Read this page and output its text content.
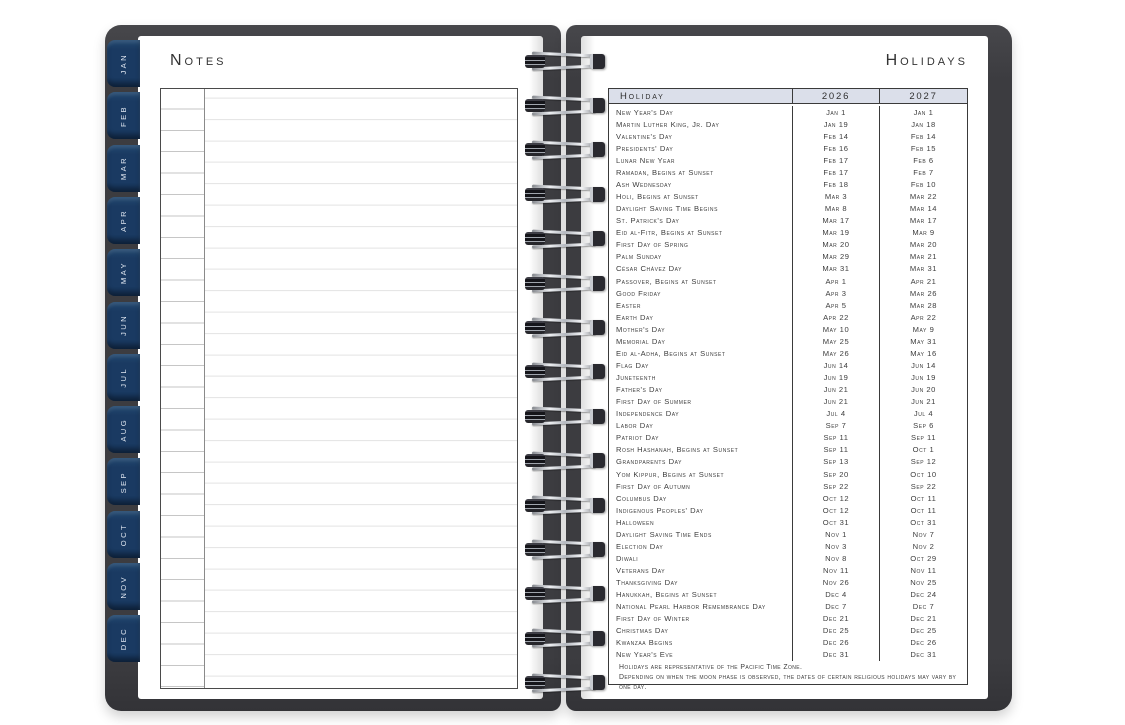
Notes	Holidays
Holiday	2026	2027
New Year's Day	Jan 1	Jan 1
Martin Luther King, Jr. Day	Jan 19	Jan 18
Valentine's Day	Feb 14	Feb 14
Presidents' Day	Feb 16	Feb 15
Lunar New Year	Feb 17	Feb 6
Ramadan, Begins at Sunset	Feb 17	Feb 7
Ash Wednesday	Feb 18	Feb 10
Holi, Begins at Sunset	Mar 3	Mar 22
Daylight Saving Time Begins	Mar 8	Mar 14
St. Patrick's Day	Mar 17	Mar 17
Eid al-Fitr, Begins at Sunset	Mar 19	Mar 9
First Day of Spring	Mar 20	Mar 20
Palm Sunday	Mar 29	Mar 21
César Chávez Day	Mar 31	Mar 31
Passover, Begins at Sunset	Apr 1	Apr 21
Good Friday	Apr 3	Mar 26
Easter	Apr 5	Mar 28
Earth Day	Apr 22	Apr 22
Mother's Day	May 10	May 9
Memorial Day	May 25	May 31
Eid al-Adha, Begins at Sunset	May 26	May 16
Flag Day	Jun 14	Jun 14
Juneteenth	Jun 19	Jun 19
Father's Day	Jun 21	Jun 20
First Day of Summer	Jun 21	Jun 21
Independence Day	Jul 4	Jul 4
Labor Day	Sep 7	Sep 6
Patriot Day	Sep 11	Sep 11
Rosh Hashanah, Begins at Sunset	Sep 11	Oct 1
Grandparents Day	Sep 13	Sep 12
Yom Kippur, Begins at Sunset	Sep 20	Oct 10
First Day of Autumn	Sep 22	Sep 22
Columbus Day	Oct 12	Oct 11
Indigenous Peoples' Day	Oct 12	Oct 11
Halloween	Oct 31	Oct 31
Daylight Saving Time Ends	Nov 1	Nov 7
Election Day	Nov 3	Nov 2
Diwali	Nov 8	Oct 29
Veterans Day	Nov 11	Nov 11
Thanksgiving Day	Nov 26	Nov 25
Hanukkah, Begins at Sunset	Dec 4	Dec 24
National Pearl Harbor Remembrance Day	Dec 7	Dec 7
First Day of Winter	Dec 21	Dec 21
Christmas Day	Dec 25	Dec 25
Kwanzaa Begins	Dec 26	Dec 26
New Year's Eve	Dec 31	Dec 31
Holidays are representative of the Pacific Time Zone.
Depending on when the moon phase is observed, the dates of certain religious holidays may vary by one day.
JAN
FEB
MAR
APR
MAY
JUN
JUL
AUG
SEP
OCT
NOV
DEC
